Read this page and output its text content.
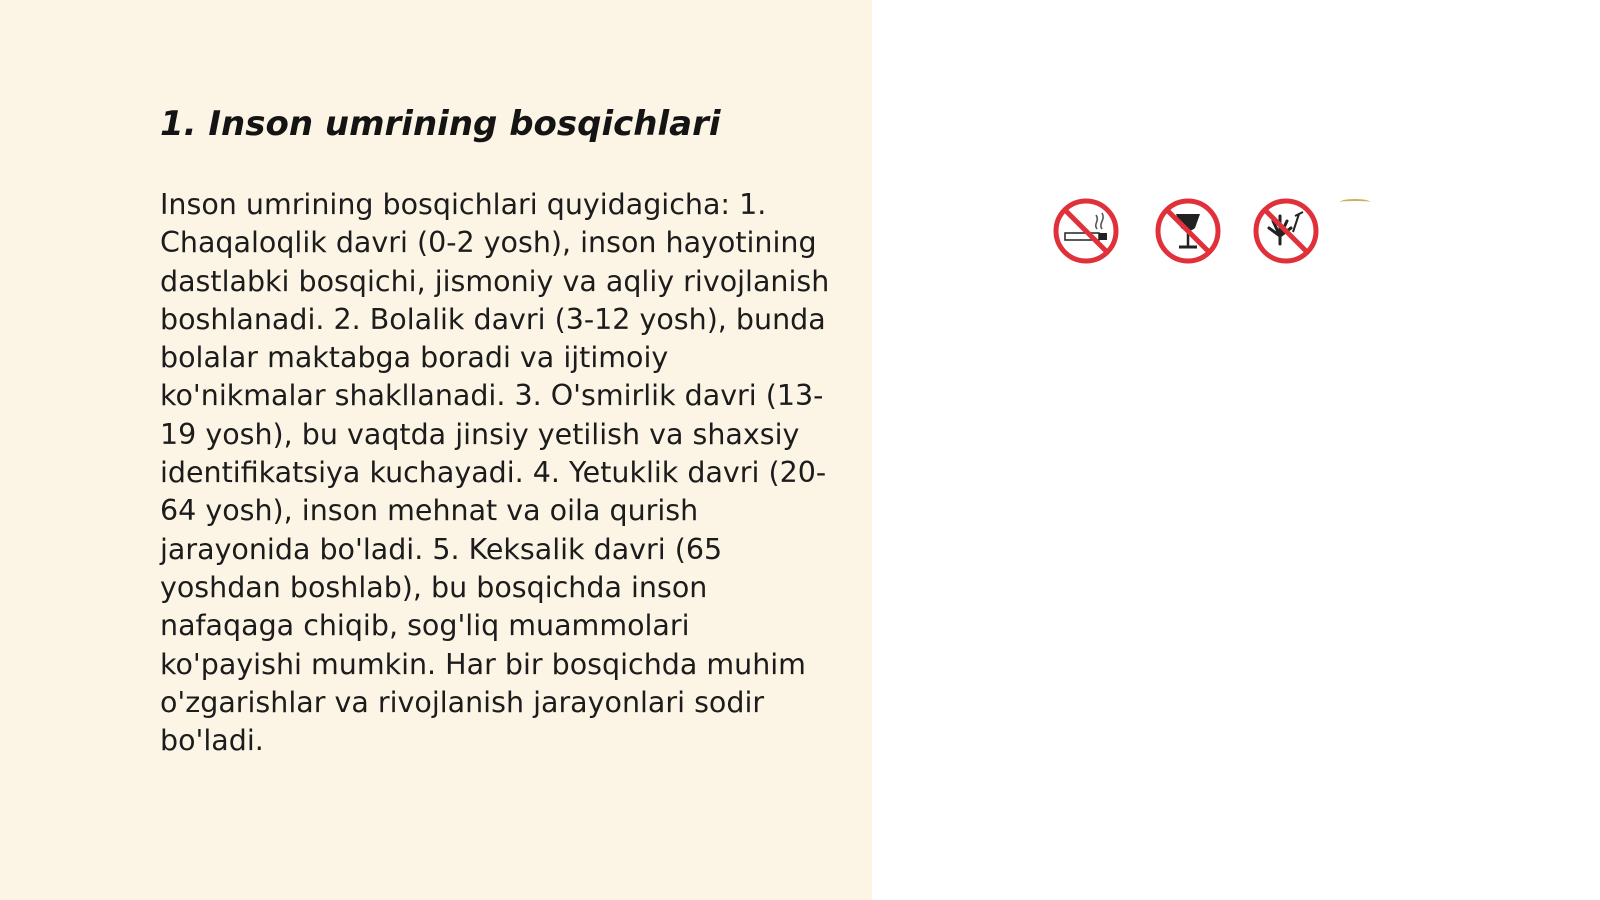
1. Inson umrining bosqichlari

Inson umrining bosqichlari quyidagicha: 1. Chaqaloqlik davri (0-2 yosh), inson hayotining dastlabki bosqichi, jismoniy va aqliy rivojlanish boshlanadi. 2. Bolalik davri (3-12 yosh), bunda bolalar maktabga boradi va ijtimoiy ko'nikmalar shakllanadi. 3. O'smirlik davri (13-19 yosh), bu vaqtda jinsiy yetilish va shaxsiy identifikatsiya kuchayadi. 4. Yetuklik davri (20-64 yosh), inson mehnat va oila qurish jarayonida bo'ladi. 5. Keksalik davri (65 yoshdan boshlab), bu bosqichda inson nafaqaga chiqib, sog'liq muammolari ko'payishi mumkin. Har bir bosqichda muhim o'zgarishlar va rivojlanish jarayonlari sodir bo'ladi.
